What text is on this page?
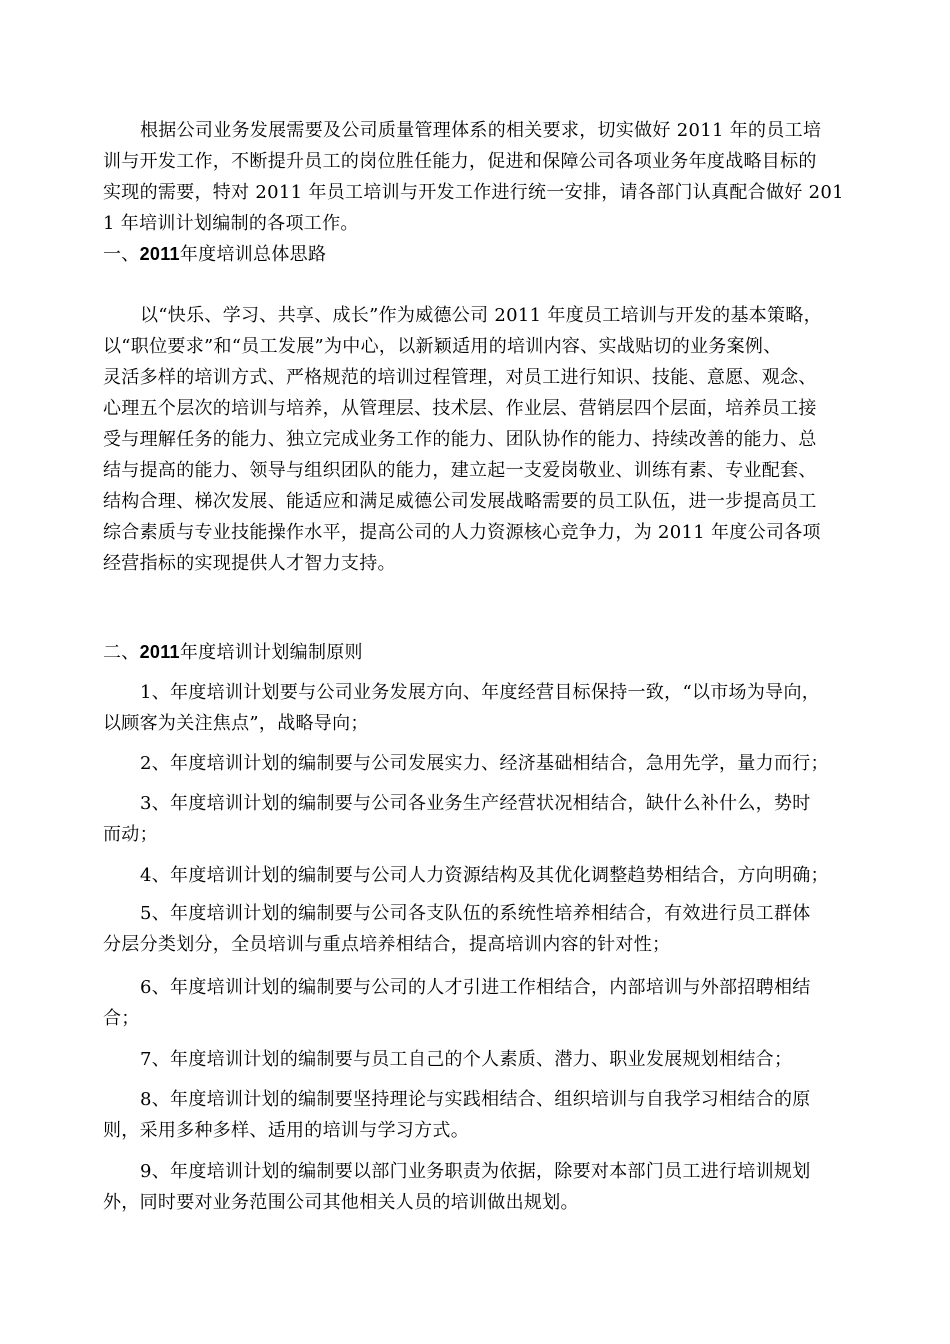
根据公司业务发展需要及公司质量管理体系的相关要求，切实做好 2011 年的员工培
训与开发工作，不断提升员工的岗位胜任能力，促进和保障公司各项业务年度战略目标的
实现的需要，特对 2011 年员工培训与开发工作进行统一安排，请各部门认真配合做好 201
1 年培训计划编制的各项工作。
一、2011年度培训总体思路
以“快乐、学习、共享、成长”作为威德公司 2011 年度员工培训与开发的基本策略，
以“职位要求”和“员工发展”为中心，以新颖适用的培训内容、实战贴切的业务案例、
灵活多样的培训方式、严格规范的培训过程管理，对员工进行知识、技能、意愿、观念、
心理五个层次的培训与培养，从管理层、技术层、作业层、营销层四个层面，培养员工接
受与理解任务的能力、独立完成业务工作的能力、团队协作的能力、持续改善的能力、总
结与提高的能力、领导与组织团队的能力，建立起一支爱岗敬业、训练有素、专业配套、
结构合理、梯次发展、能适应和满足威德公司发展战略需要的员工队伍，进一步提高员工
综合素质与专业技能操作水平，提高公司的人力资源核心竞争力，为 2011 年度公司各项
经营指标的实现提供人才智力支持。
二、2011年度培训计划编制原则
1、年度培训计划要与公司业务发展方向、年度经营目标保持一致，“以市场为导向，
以顾客为关注焦点”，战略导向；
2、年度培训计划的编制要与公司发展实力、经济基础相结合，急用先学，量力而行；
3、年度培训计划的编制要与公司各业务生产经营状况相结合，缺什么补什么，势时
而动；
4、年度培训计划的编制要与公司人力资源结构及其优化调整趋势相结合，方向明确；
5、年度培训计划的编制要与公司各支队伍的系统性培养相结合，有效进行员工群体
分层分类划分，全员培训与重点培养相结合，提高培训内容的针对性；
6、年度培训计划的编制要与公司的人才引进工作相结合，内部培训与外部招聘相结
合；
7、年度培训计划的编制要与员工自己的个人素质、潜力、职业发展规划相结合；
8、年度培训计划的编制要坚持理论与实践相结合、组织培训与自我学习相结合的原
则，采用多种多样、适用的培训与学习方式。
9、年度培训计划的编制要以部门业务职责为依据，除要对本部门员工进行培训规划
外，同时要对业务范围公司其他相关人员的培训做出规划。
